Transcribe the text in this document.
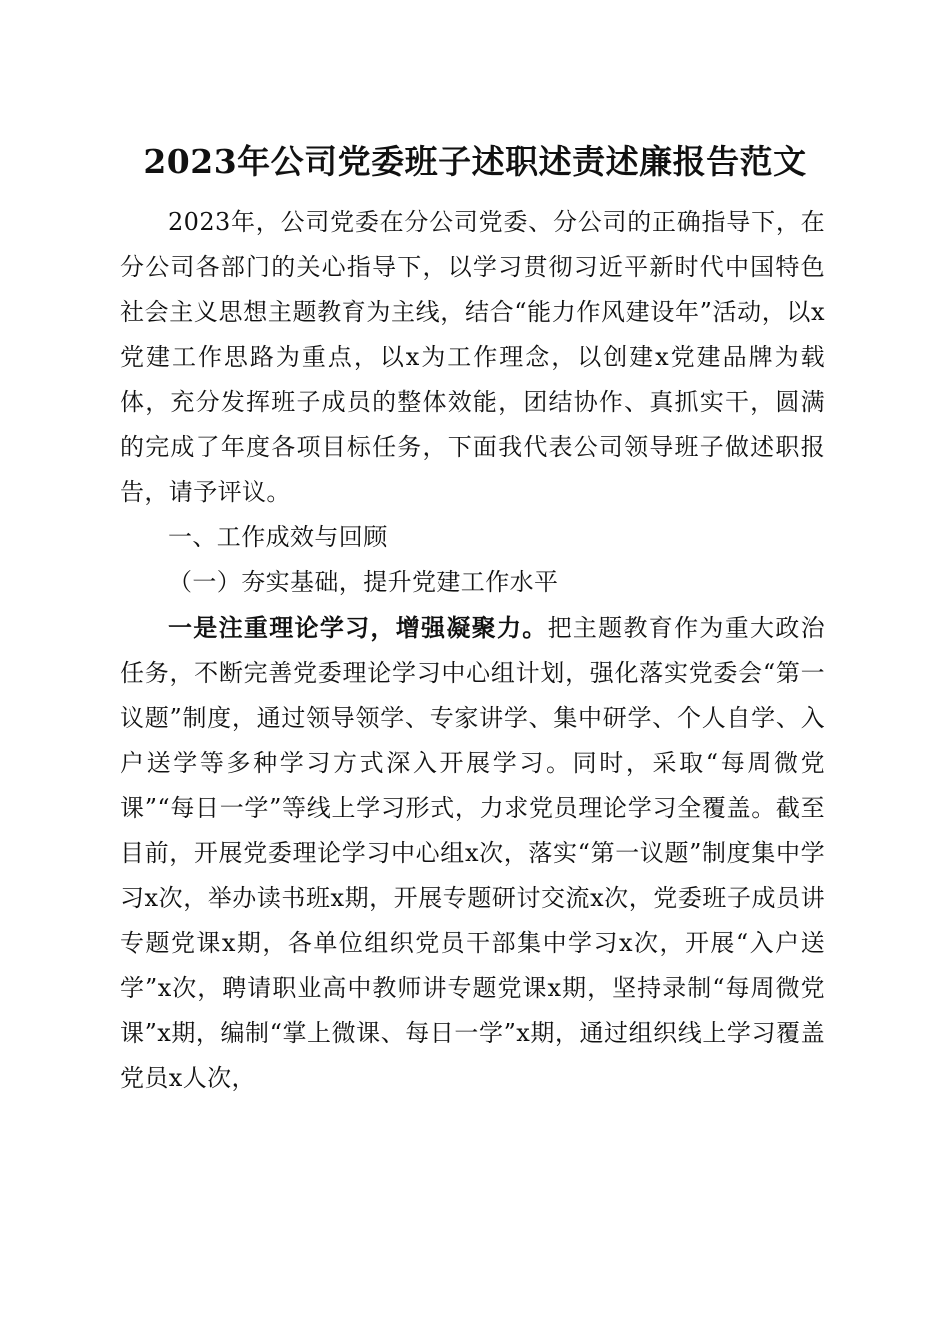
2023年公司党委班子述职述责述廉报告范文

2023年，公司党委在分公司党委、分公司的正确指导下，在分公司各部门的关心指导下，以学习贯彻习近平新时代中国特色社会主义思想主题教育为主线，结合“能力作风建设年”活动，以x党建工作思路为重点，以x为工作理念，以创建x党建品牌为载体，充分发挥班子成员的整体效能，团结协作、真抓实干，圆满的完成了年度各项目标任务，下面我代表公司领导班子做述职报告，请予评议。

一、工作成效与回顾

（一）夯实基础，提升党建工作水平

一是注重理论学习，增强凝聚力。把主题教育作为重大政治任务，不断完善党委理论学习中心组计划，强化落实党委会“第一议题”制度，通过领导领学、专家讲学、集中研学、个人自学、入户送学等多种学习方式深入开展学习。同时，采取“每周微党课”“每日一学”等线上学习形式，力求党员理论学习全覆盖。截至目前，开展党委理论学习中心组x次，落实“第一议题”制度集中学习x次，举办读书班x期，开展专题研讨交流x次，党委班子成员讲专题党课x期，各单位组织党员干部集中学习x次，开展“入户送学”x次，聘请职业高中教师讲专题党课x期，坚持录制“每周微党课”x期，编制“掌上微课、每日一学”x期，通过组织线上学习覆盖党员x人次，
